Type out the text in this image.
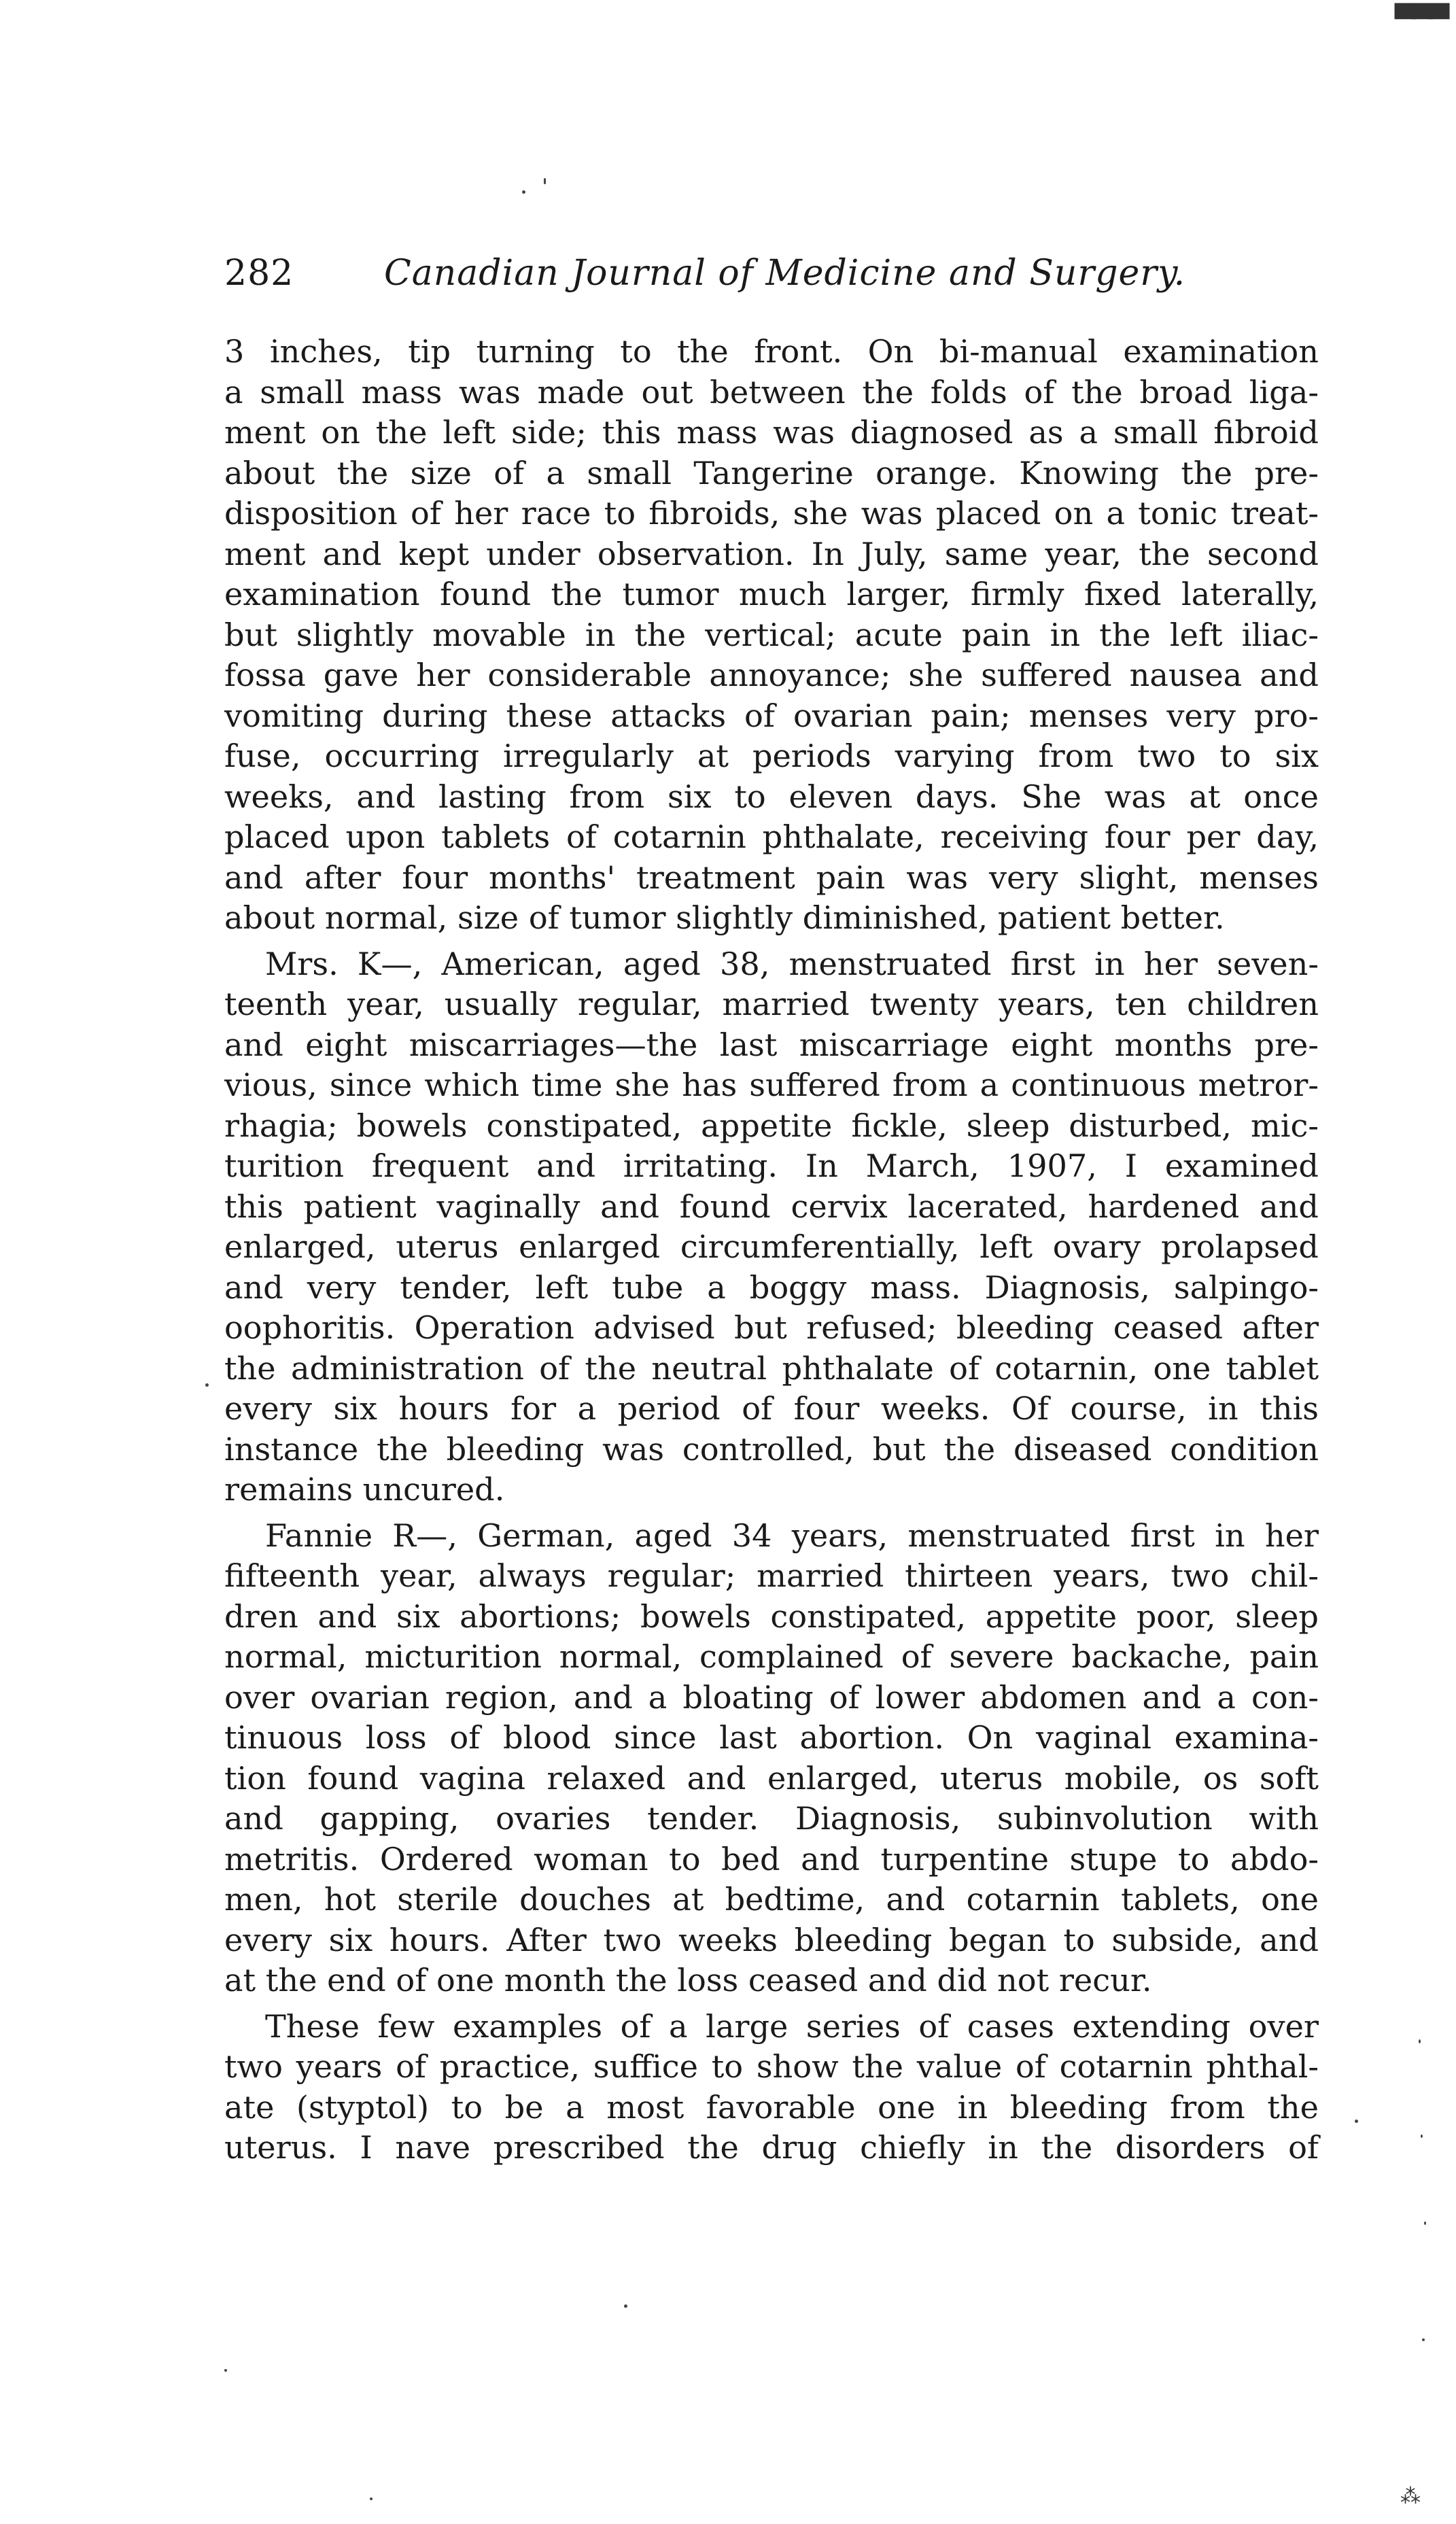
▀▀▀
⁂
282	Canadian Journal of Medicine and Surgery.
3 inches, tip turning to the front. On bi-manual examination
a small mass was made out between the folds of the broad liga-
ment on the left side; this mass was diagnosed as a small fibroid
about the size of a small Tangerine orange. Knowing the pre-
disposition of her race to fibroids, she was placed on a tonic treat-
ment and kept under observation. In July, same year, the second
examination found the tumor much larger, firmly fixed laterally,
but slightly movable in the vertical; acute pain in the left iliac-
fossa gave her considerable annoyance; she suffered nausea and
vomiting during these attacks of ovarian pain; menses very pro-
fuse, occurring irregularly at periods varying from two to six
weeks, and lasting from six to eleven days. She was at once
placed upon tablets of cotarnin phthalate, receiving four per day,
and after four months' treatment pain was very slight, menses
about normal, size of tumor slightly diminished, patient better.
Mrs. K—, American, aged 38, menstruated first in her seven-
teenth year, usually regular, married twenty years, ten children
and eight miscarriages—the last miscarriage eight months pre-
vious, since which time she has suffered from a continuous metror-
rhagia; bowels constipated, appetite fickle, sleep disturbed, mic-
turition frequent and irritating. In March, 1907, I examined
this patient vaginally and found cervix lacerated, hardened and
enlarged, uterus enlarged circumferentially, left ovary prolapsed
and very tender, left tube a boggy mass. Diagnosis, salpingo-
oophoritis. Operation advised but refused; bleeding ceased after
the administration of the neutral phthalate of cotarnin, one tablet
every six hours for a period of four weeks. Of course, in this
instance the bleeding was controlled, but the diseased condition
remains uncured.
Fannie R—, German, aged 34 years, menstruated first in her
fifteenth year, always regular; married thirteen years, two chil-
dren and six abortions; bowels constipated, appetite poor, sleep
normal, micturition normal, complained of severe backache, pain
over ovarian region, and a bloating of lower abdomen and a con-
tinuous loss of blood since last abortion. On vaginal examina-
tion found vagina relaxed and enlarged, uterus mobile, os soft
and gapping, ovaries tender. Diagnosis, subinvolution with
metritis. Ordered woman to bed and turpentine stupe to abdo-
men, hot sterile douches at bedtime, and cotarnin tablets, one
every six hours. After two weeks bleeding began to subside, and
at the end of one month the loss ceased and did not recur.
These few examples of a large series of cases extending over
two years of practice, suffice to show the value of cotarnin phthal-
ate (styptol) to be a most favorable one in bleeding from the
uterus. I nave prescribed the drug chiefly in the disorders of
